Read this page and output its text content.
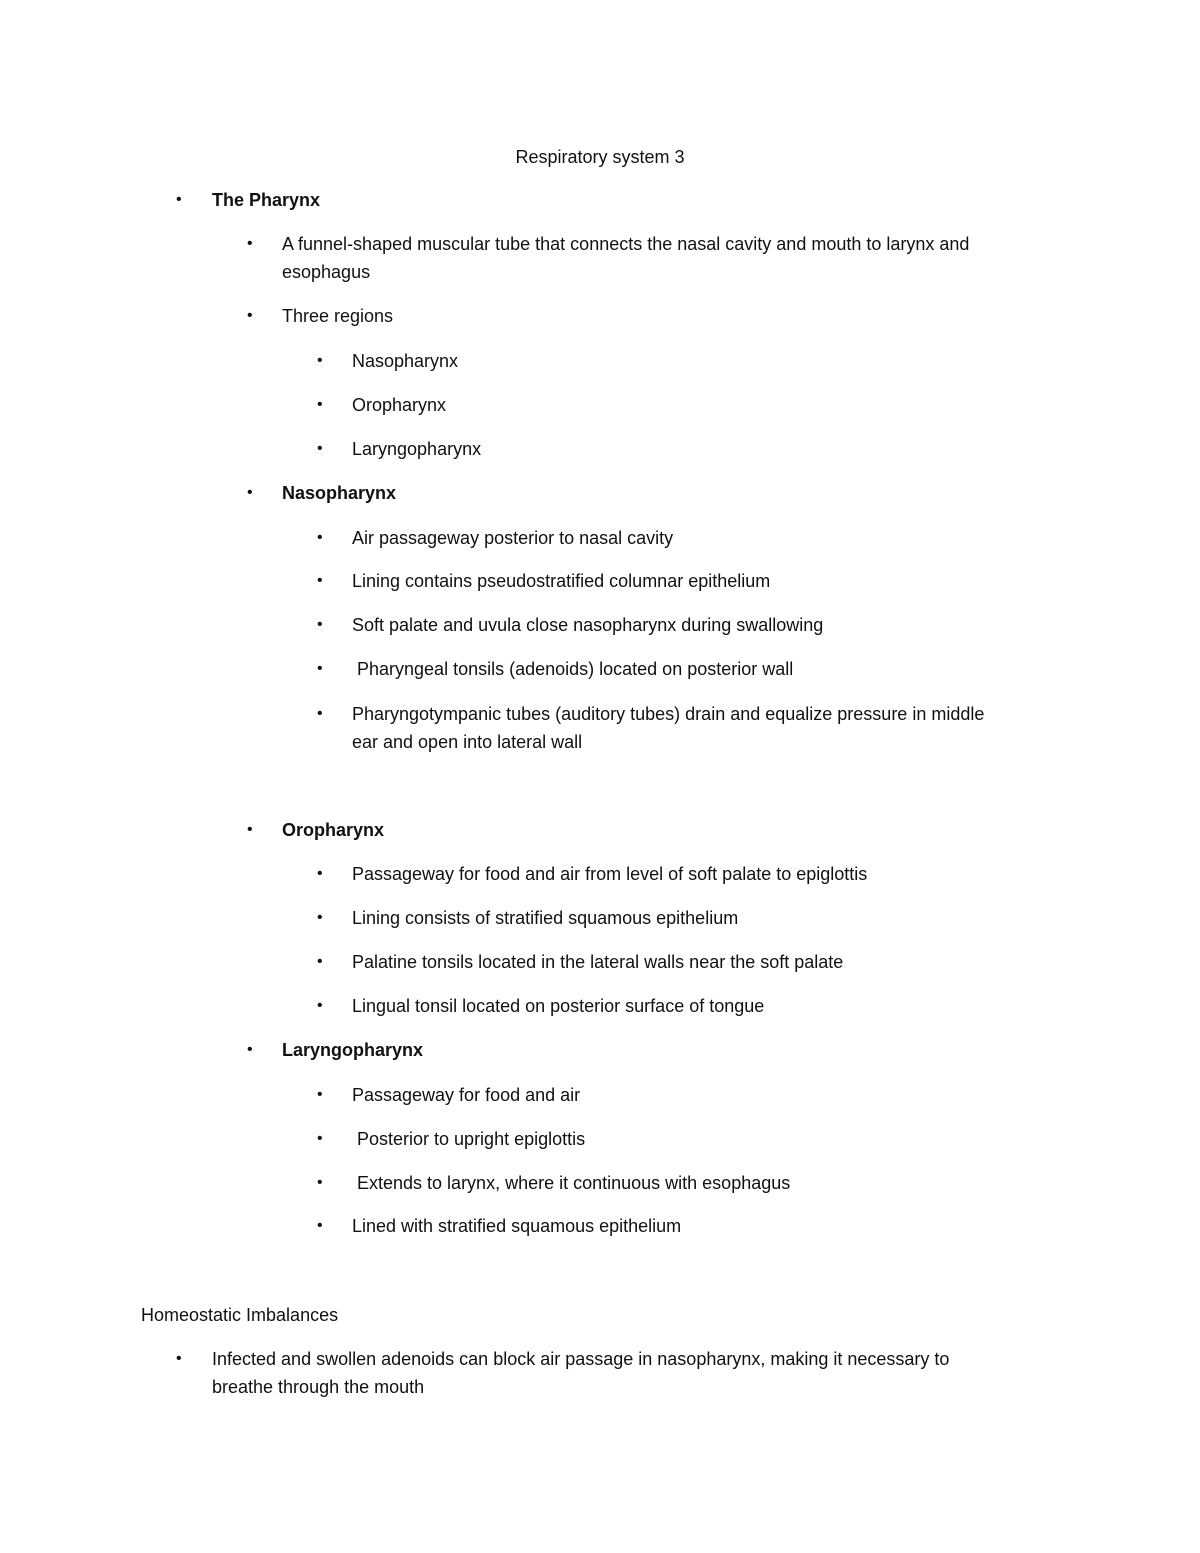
Respiratory system 3
• The Pharynx
• A funnel-shaped muscular tube that connects the nasal cavity and mouth to larynx and
esophagus
• Three regions
• Nasopharynx
• Oropharynx
• Laryngopharynx
• Nasopharynx
• Air passageway posterior to nasal cavity
• Lining contains pseudostratified columnar epithelium
• Soft palate and uvula close nasopharynx during swallowing
• Pharyngeal tonsils (adenoids) located on posterior wall
• Pharyngotympanic tubes (auditory tubes) drain and equalize pressure in middle
ear and open into lateral wall
• Oropharynx
• Passageway for food and air from level of soft palate to epiglottis
• Lining consists of stratified squamous epithelium
• Palatine tonsils located in the lateral walls near the soft palate
• Lingual tonsil located on posterior surface of tongue
• Laryngopharynx
• Passageway for food and air
• Posterior to upright epiglottis
• Extends to larynx, where it continuous with esophagus
• Lined with stratified squamous epithelium
Homeostatic Imbalances
• Infected and swollen adenoids can block air passage in nasopharynx, making it necessary to
breathe through the mouth
